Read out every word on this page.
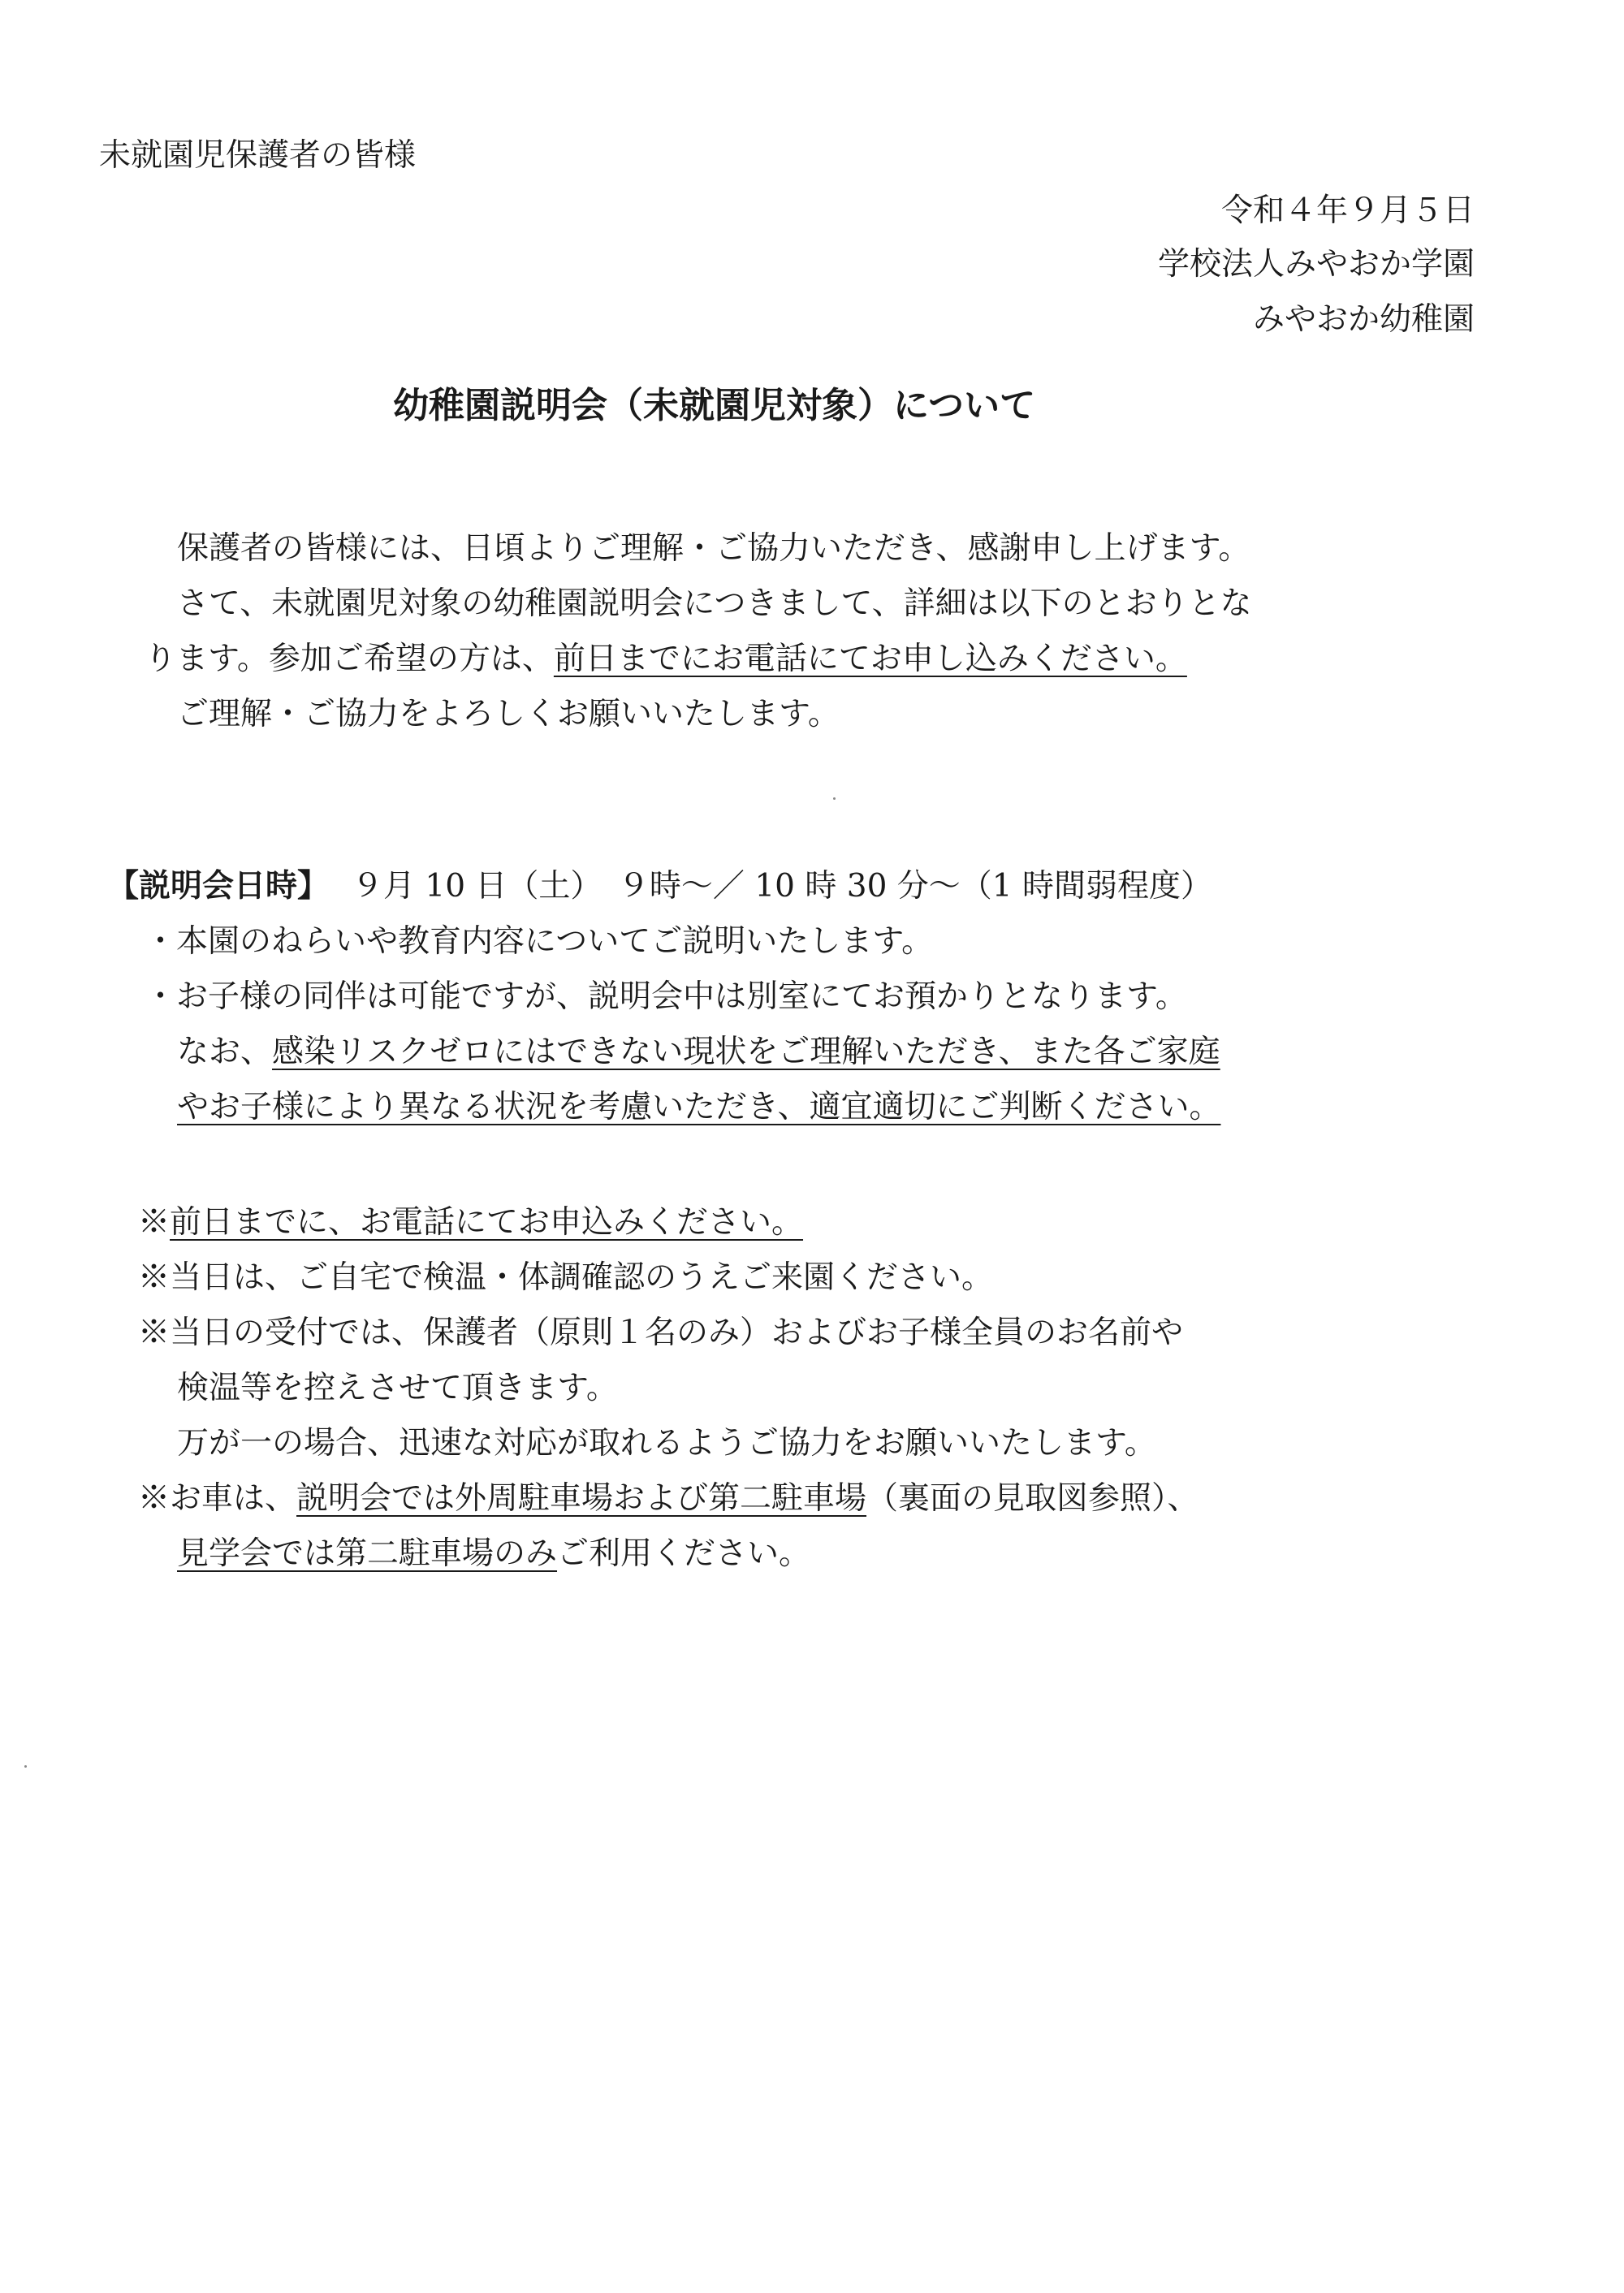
未就園児保護者の皆様
令和４年９月５日
学校法人みやおか学園
みやおか幼稚園
幼稚園説明会（未就園児対象）について
保護者の皆様には、日頃よりご理解・ご協力いただき、感謝申し上げます。
さて、未就園児対象の幼稚園説明会につきまして、詳細は以下のとおりとな
ります。参加ご希望の方は、前日までにお電話にてお申し込みください。
ご理解・ご協力をよろしくお願いいたします。
【説明会日時】 ９月 10 日（土）　９時～／ 10 時 30 分～（1 時間弱程度）
・本園のねらいや教育内容についてご説明いたします。
・お子様の同伴は可能ですが、説明会中は別室にてお預かりとなります。
なお、感染リスクゼロにはできない現状をご理解いただき、また各ご家庭
やお子様により異なる状況を考慮いただき、適宜適切にご判断ください。
※前日までに、お電話にてお申込みください。
※当日は、ご自宅で検温・体調確認のうえご来園ください。
※当日の受付では、保護者（原則１名のみ）およびお子様全員のお名前や
検温等を控えさせて頂きます。
万が一の場合、迅速な対応が取れるようご協力をお願いいたします。
※お車は、説明会では外周駐車場および第二駐車場（裏面の見取図参照）、
見学会では第二駐車場のみご利用ください。
